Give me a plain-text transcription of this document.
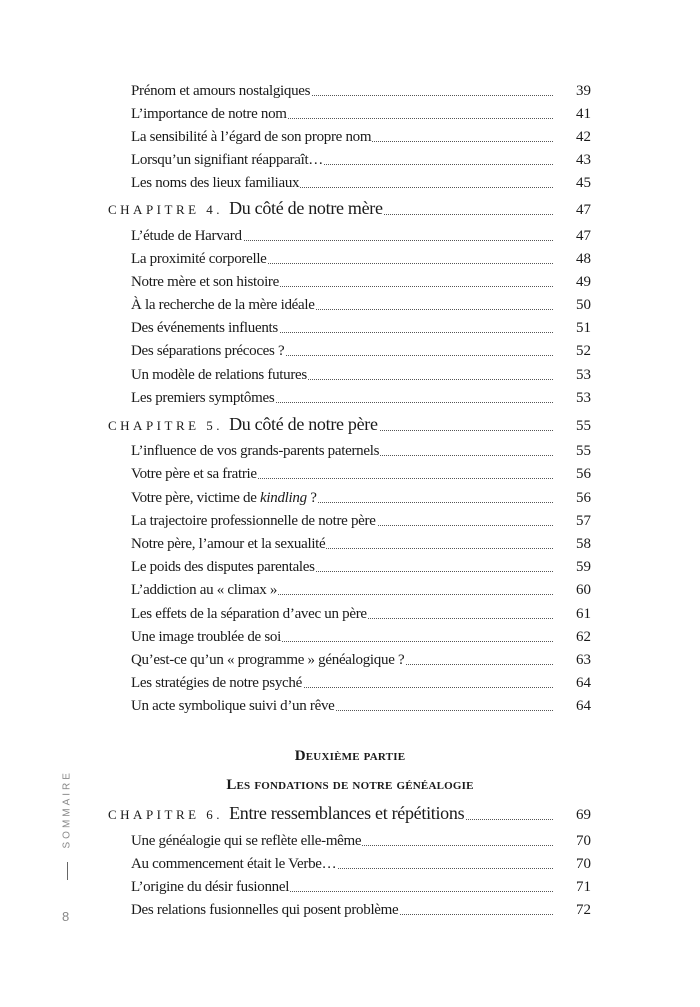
Prénom et amours nostalgiques	39
L’importance de notre nom	41
La sensibilité à l’égard de son propre nom	42
Lorsqu’un signifiant réapparaît…	43
Les noms des lieux familiaux	45
CHAPITRE 4. Du côté de notre mère	47
L’étude de Harvard	47
La proximité corporelle	48
Notre mère et son histoire	49
À la recherche de la mère idéale	50
Des événements influents	51
Des séparations précoces ?	52
Un modèle de relations futures	53
Les premiers symptômes	53
CHAPITRE 5. Du côté de notre père	55
L’influence de vos grands-parents paternels	55
Votre père et sa fratrie	56
Votre père, victime de kindling ?	56
La trajectoire professionnelle de notre père	57
Notre père, l’amour et la sexualité	58
Le poids des disputes parentales	59
L’addiction au « climax »	60
Les effets de la séparation d’avec un père	61
Une image troublée de soi	62
Qu’est-ce qu’un « programme » généalogique ?	63
Les stratégies de notre psyché	64
Un acte symbolique suivi d’un rêve	64
Deuxième partie
Les fondations de notre généalogie
CHAPITRE 6. Entre ressemblances et répétitions	69
Une généalogie qui se reflète elle-même	70
Au commencement était le Verbe…	70
L’origine du désir fusionnel	71
Des relations fusionnelles qui posent problème	72
SOMMAIRE
8
